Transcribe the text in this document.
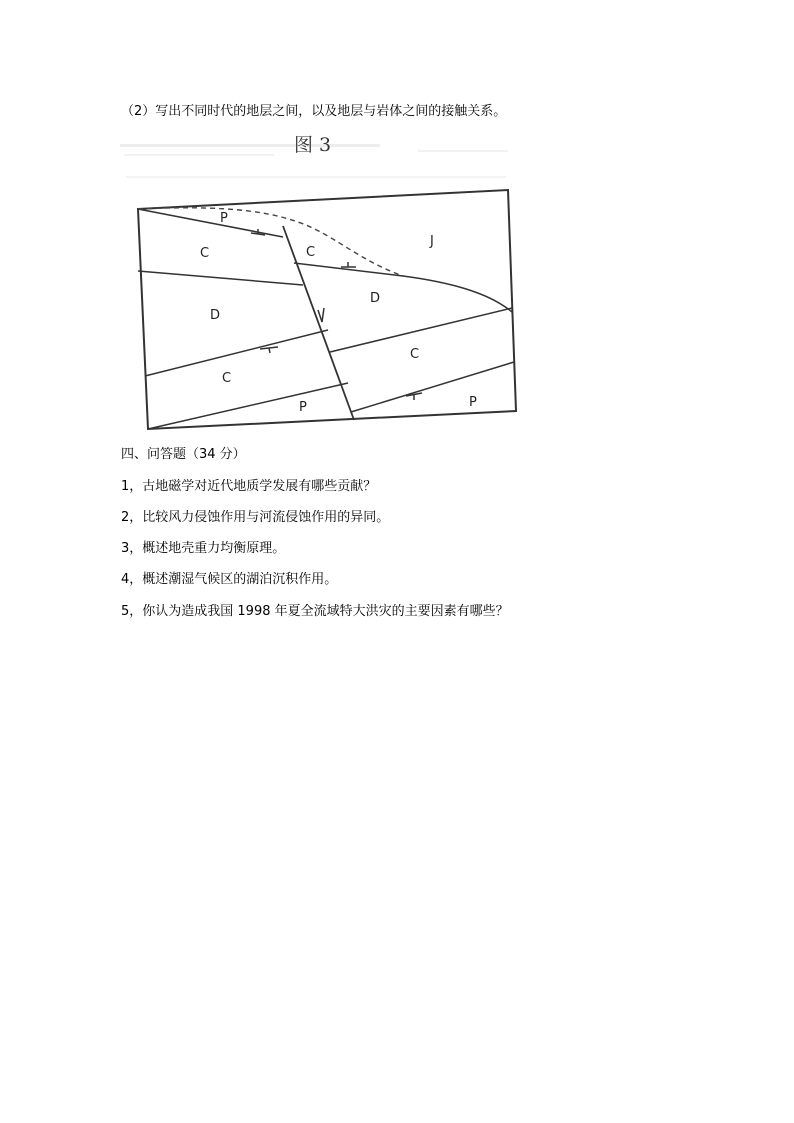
（2）写出不同时代的地层之间，以及地层与岩体之间的接触关系。
图 3
P
C	C
J
D
D
C
C
P	P
四、问答题（34 分）
1，古地磁学对近代地质学发展有哪些贡献？
2，比较风力侵蚀作用与河流侵蚀作用的异同。
3，概述地壳重力均衡原理。
4，概述潮湿气候区的湖泊沉积作用。
5，你认为造成我国 1998 年夏全流域特大洪灾的主要因素有哪些？
